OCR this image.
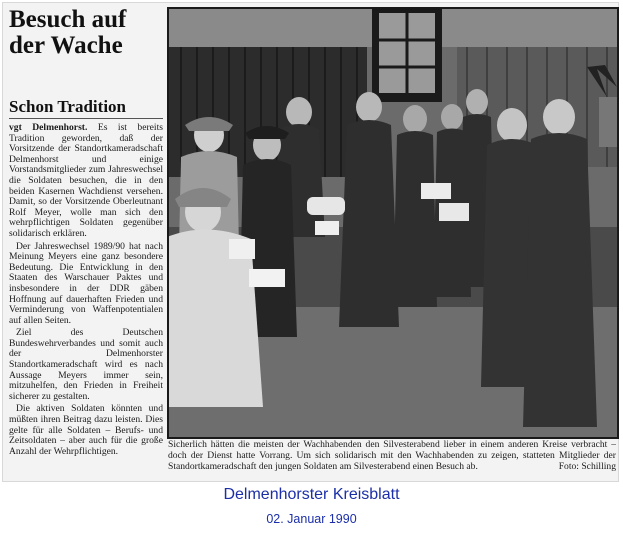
Besuch auf der Wache
Schon Tradition

vgt Delmenhorst. Es ist bereits Tradition geworden, daß der Vorsitzende der Standortkameradschaft Delmenhorst und einige Vorstandsmitglieder zum Jahreswechsel die Soldaten besuchen, die in den beiden Kasernen Wachdienst versehen. Damit, so der Vorsitzende Oberleutnant Rolf Meyer, wolle man sich den wehrpflichtigen Soldaten gegenüber solidarisch erklären.

Der Jahreswechsel 1989/90 hat nach Meinung Meyers eine ganz besondere Bedeutung. Die Entwicklung in den Staaten des Warschauer Paktes und insbesondere in der DDR gäben Hoffnung auf dauerhaften Frieden und Verminderung von Waffenpotentialen auf allen Seiten.

Ziel des Deutschen Bundeswehrverbandes und somit auch der Delmenhorster Standortkameradschaft wird es nach Aussage Meyers immer sein, mitzuhelfen, den Frieden in Freiheit sicherer zu gestalten.

Die aktiven Soldaten könnten und müßten ihren Beitrag dazu leisten. Dies gelte für alle Soldaten – Berufs- und Zeitsoldaten – aber auch für die große Anzahl der Wehrpflichtigen.

Sicherlich hätten die meisten der Wachhabenden den Silvesterabend lieber in einem anderen Kreise verbracht – doch der Dienst hatte Vorrang. Um sich solidarisch mit den Wachhabenden zu zeigen, statteten Mitglieder der Standortkameradschaft den jungen Soldaten am Silvesterabend einen Besuch ab.	Foto: Schilling
Delmenhorster Kreisblatt
02. Januar 1990
